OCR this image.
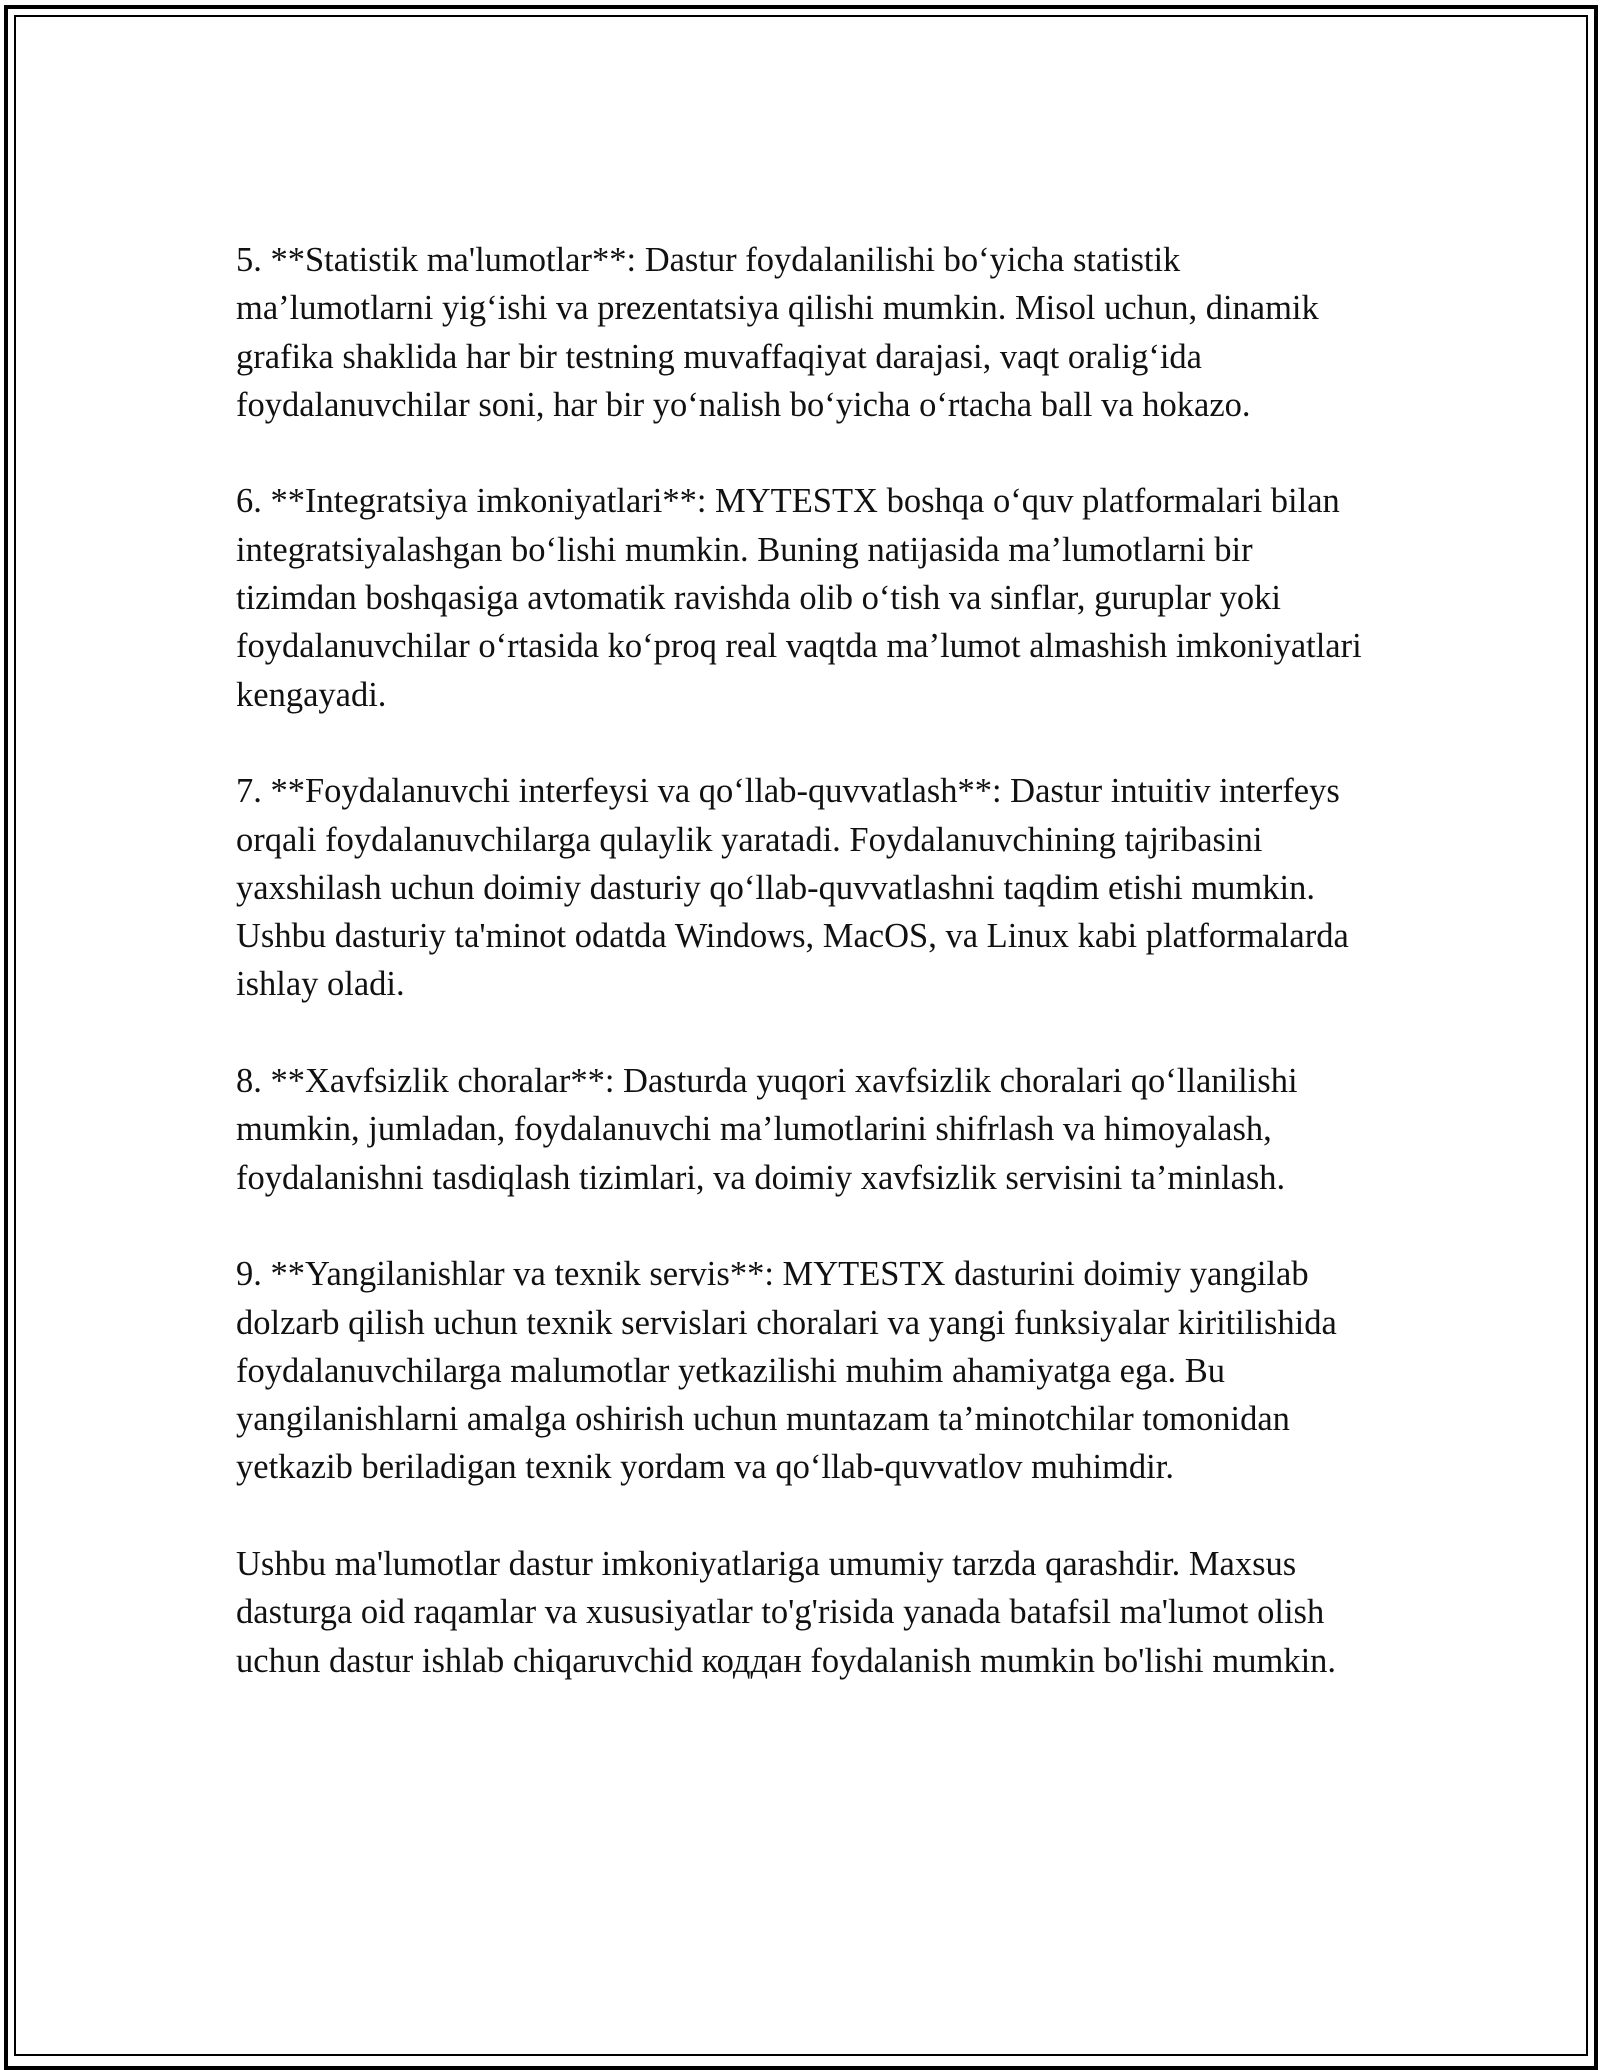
5. **Statistik ma'lumotlar**: Dastur foydalanilishi bo‘yicha statistik ma’lumotlarni yig‘ishi va prezentatsiya qilishi mumkin. Misol uchun, dinamik grafika shaklida har bir testning muvaffaqiyat darajasi, vaqt oralig‘ida foydalanuvchilar soni, har bir yo‘nalish bo‘yicha o‘rtacha ball va hokazo.

6. **Integratsiya imkoniyatlari**: MYTESTX boshqa o‘quv platformalari bilan integratsiyalashgan bo‘lishi mumkin. Buning natijasida ma’lumotlarni bir tizimdan boshqasiga avtomatik ravishda olib o‘tish va sinflar, guruplar yoki foydalanuvchilar o‘rtasida ko‘proq real vaqtda ma’lumot almashish imkoniyatlari kengayadi.

7. **Foydalanuvchi interfeysi va qo‘llab-quvvatlash**: Dastur intuitiv interfeys orqali foydalanuvchilarga qulaylik yaratadi. Foydalanuvchining tajribasini yaxshilash uchun doimiy dasturiy qo‘llab-quvvatlashni taqdim etishi mumkin. Ushbu dasturiy ta'minot odatda Windows, MacOS, va Linux kabi platformalarda ishlay oladi.

8. **Xavfsizlik choralar**: Dasturda yuqori xavfsizlik choralari qo‘llanilishi mumkin, jumladan, foydalanuvchi ma’lumotlarini shifrlash va himoyalash, foydalanishni tasdiqlash tizimlari, va doimiy xavfsizlik servisini ta’minlash.

9. **Yangilanishlar va texnik servis**: MYTESTX dasturini doimiy yangilab dolzarb qilish uchun texnik servislari choralari va yangi funksiyalar kiritilishida foydalanuvchilarga malumotlar yetkazilishi muhim ahamiyatga ega. Bu yangilanishlarni amalga oshirish uchun muntazam ta’minotchilar tomonidan yetkazib beriladigan texnik yordam va qo‘llab-quvvatlov muhimdir.

Ushbu ma'lumotlar dastur imkoniyatlariga umumiy tarzda qarashdir. Maxsus dasturga oid raqamlar va xususiyatlar to'g'risida yanada batafsil ma'lumot olish uchun dastur ishlab chiqaruvchid коддан foydalanish mumkin bo'lishi mumkin.
